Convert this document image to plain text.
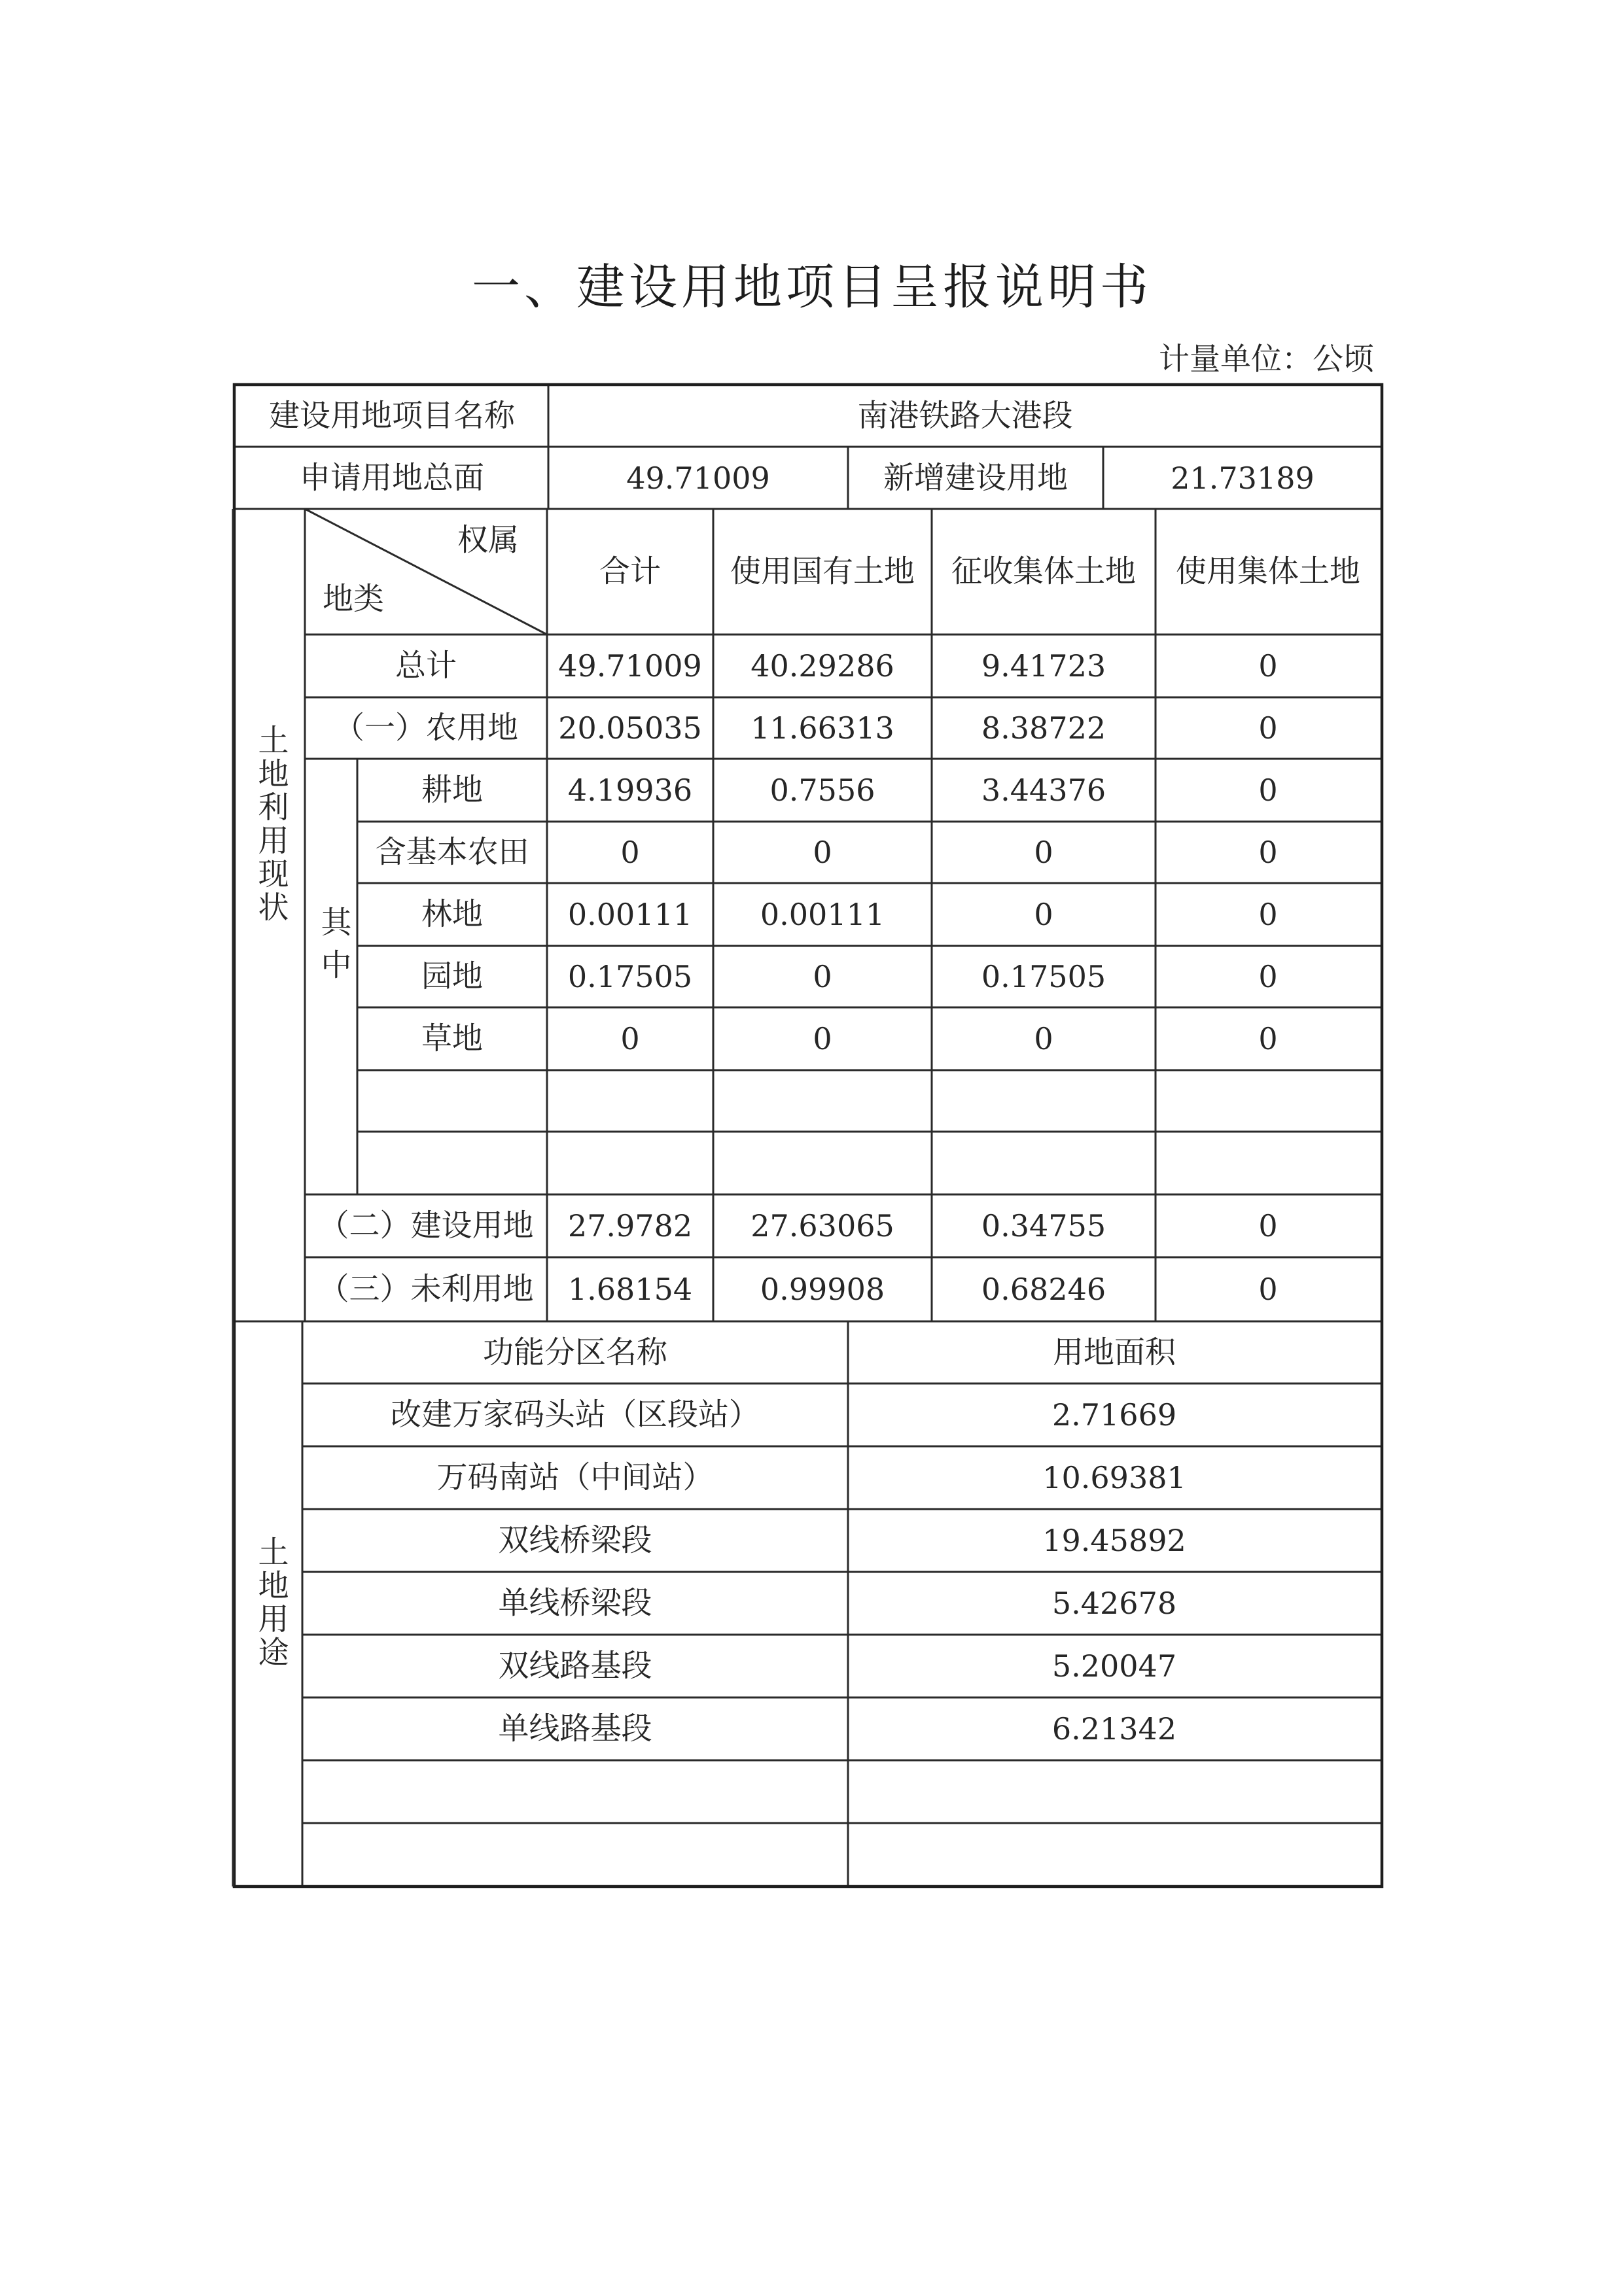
一、建设用地项目呈报说明书
计量单位：公顷
建设用地项目名称	南港铁路大港段
申请用地总面	49.71009	新增建设用地	21.73189
权属
地类
合计 使用国有土地 征收集体土地 使用集体土地
土地利用现状
其中
总计	49.71009 40.29286	9.41723	0
（一）农用地 20.05035 11.66313	8.38722	0
耕地	4.19936	0.7556	3.44376	0
含基本农田	0	0	0	0
林地	0.00111 0.00111	0	0
园地	0.17505	0	0.17505	0
草地	0	0	0	0
（二）建设用地 27.9782 27.63065	0.34755	0
（三）未利用地 1.68154 0.99908	0.68246	0
土地用途
功能分区名称	用地面积
改建万家码头站（区段站）	2.71669
万码南站（中间站）	10.69381
双线桥梁段	19.45892
单线桥梁段	5.42678
双线路基段	5.20047
单线路基段	6.21342
